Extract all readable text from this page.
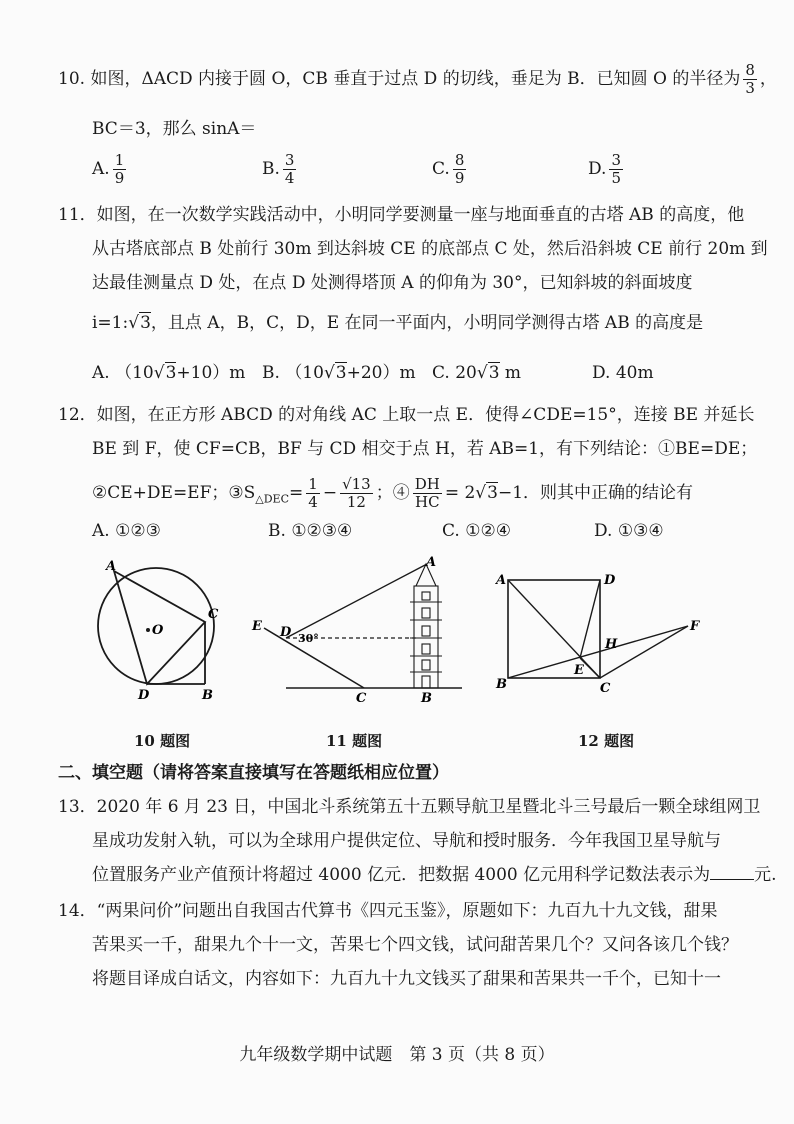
10. 如图，ΔACD 内接于圆 O，CB 垂直于过点 D 的切线，垂足为 B．已知圆 O 的半径为 $\frac{8}{3}$ ，
BC＝3，那么 sinA＝
A. $\frac{1}{9}$	B. $\frac{3}{4}$	C. $\frac{8}{9}$	D. $\frac{3}{5}$
11．如图，在一次数学实践活动中，小明同学要测量一座与地面垂直的古塔 AB 的高度，他
从古塔底部点 B 处前行 30m 到达斜坡 CE 的底部点 C 处，然后沿斜坡 CE 前行 20m 到
达最佳测量点 D 处，在点 D 处测得塔顶 A 的仰角为 30°，已知斜坡的斜面坡度
i=1:√3，且点 A，B，C，D，E 在同一平面内，小明同学测得古塔 AB 的高度是
A. （10√3+10）m B. （10√3+20）m C. 20√3 m	D. 40m
12．如图，在正方形 ABCD 的对角线 AC 上取一点 E．使得∠CDE=15°，连接 BE 并延长
BE 到 F，使 CF=CB，BF 与 CD 相交于点 H，若 AB=1，有下列结论：①BE=DE；
②CE+DE=EF；$③S_{\triangle DEC}= \frac{1}{4} - \frac{√13}{12}$ ；④ $\frac{DH}{HC} = 2√3-1$．则其中正确的结论有
A. ①②③	B. ①②③④	C. ①②④	D. ①③④
A
C
O
D	B
10 题图
E D 30°
A
C	B
11 题图
A	D
B	C
E
H
F
12 题图
二、填空题（请将答案直接填写在答题纸相应位置）
13．2020 年 6 月 23 日，中国北斗系统第五十五颗导航卫星暨北斗三号最后一颗全球组网卫
星成功发射入轨，可以为全球用户提供定位、导航和授时服务．今年我国卫星导航与
位置服务产业产值预计将超过 4000 亿元．把数据 4000 亿元用科学记数法表示为	元.
14．“两果问价”问题出自我国古代算书《四元玉鉴》，原题如下：九百九十九文钱，甜果
苦果买一千，甜果九个十一文，苦果七个四文钱，试问甜苦果几个？又问各该几个钱？
将题目译成白话文，内容如下：九百九十九文钱买了甜果和苦果共一千个，已知十一
九年级数学期中试题　第 3 页（共 8 页）
